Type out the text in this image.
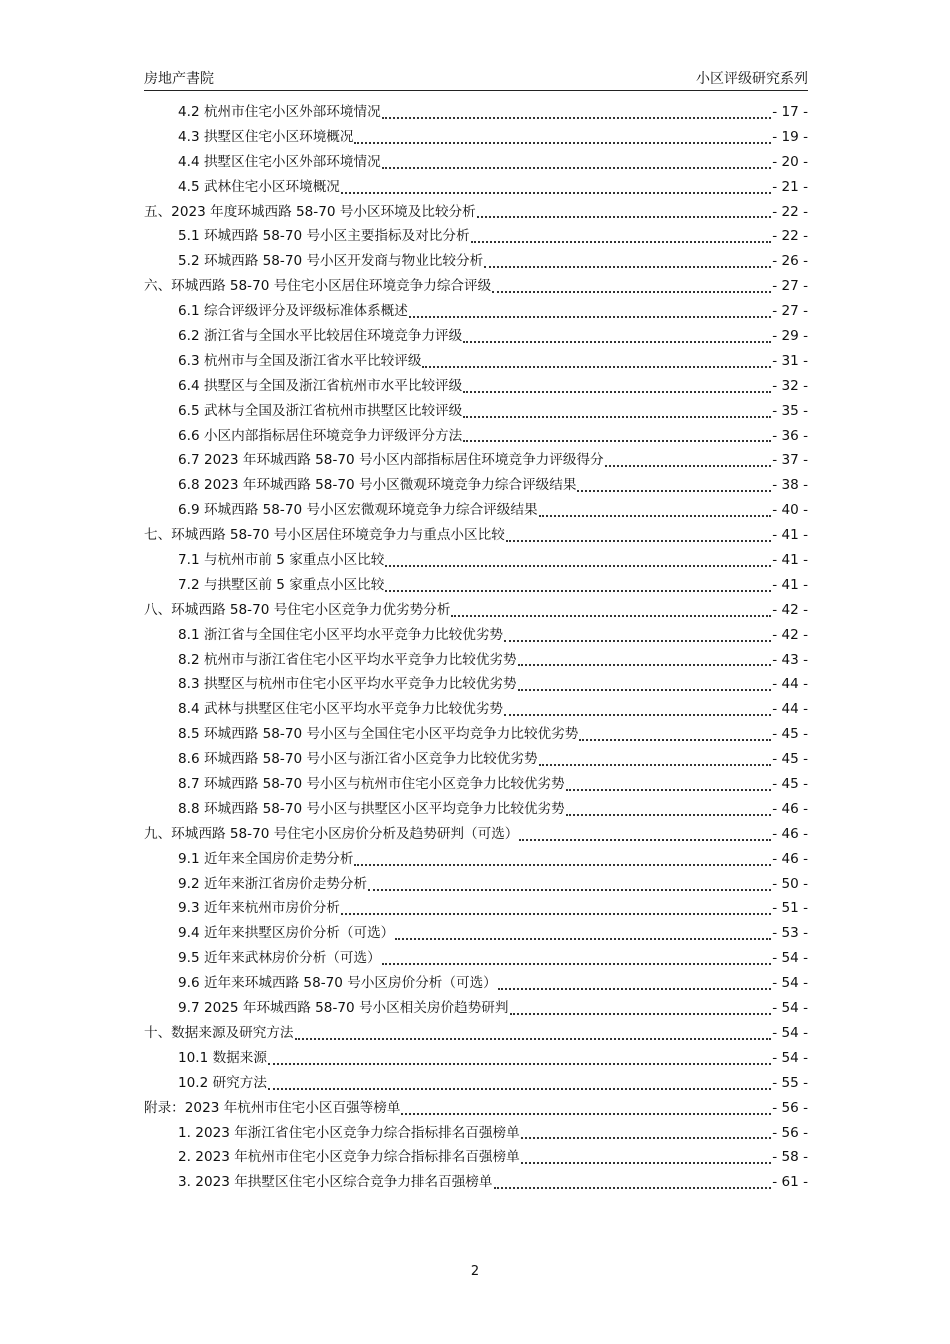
房地产書院	小区评级研究系列
4.2 杭州市住宅小区外部环境情况	- 17 -
4.3 拱墅区住宅小区环境概况	- 19 -
4.4 拱墅区住宅小区外部环境情况	- 20 -
4.5 武林住宅小区环境概况	- 21 -
五、2023 年度环城西路 58-70 号小区环境及比较分析	- 22 -
5.1 环城西路 58-70 号小区主要指标及对比分析	- 22 -
5.2 环城西路 58-70 号小区开发商与物业比较分析	- 26 -
六、环城西路 58-70 号住宅小区居住环境竞争力综合评级	- 27 -
6.1 综合评级评分及评级标准体系概述	- 27 -
6.2 浙江省与全国水平比较居住环境竞争力评级	- 29 -
6.3 杭州市与全国及浙江省水平比较评级	- 31 -
6.4 拱墅区与全国及浙江省杭州市水平比较评级	- 32 -
6.5 武林与全国及浙江省杭州市拱墅区比较评级	- 35 -
6.6 小区内部指标居住环境竞争力评级评分方法	- 36 -
6.7 2023 年环城西路 58-70 号小区内部指标居住环境竞争力评级得分	- 37 -
6.8 2023 年环城西路 58-70 号小区微观环境竞争力综合评级结果	- 38 -
6.9 环城西路 58-70 号小区宏微观环境竞争力综合评级结果	- 40 -
七、环城西路 58-70 号小区居住环境竞争力与重点小区比较	- 41 -
7.1 与杭州市前 5 家重点小区比较	- 41 -
7.2 与拱墅区前 5 家重点小区比较	- 41 -
八、环城西路 58-70 号住宅小区竞争力优劣势分析	- 42 -
8.1 浙江省与全国住宅小区平均水平竞争力比较优劣势	- 42 -
8.2 杭州市与浙江省住宅小区平均水平竞争力比较优劣势	- 43 -
8.3 拱墅区与杭州市住宅小区平均水平竞争力比较优劣势	- 44 -
8.4 武林与拱墅区住宅小区平均水平竞争力比较优劣势	- 44 -
8.5 环城西路 58-70 号小区与全国住宅小区平均竞争力比较优劣势	- 45 -
8.6 环城西路 58-70 号小区与浙江省小区竞争力比较优劣势	- 45 -
8.7 环城西路 58-70 号小区与杭州市住宅小区竞争力比较优劣势	- 45 -
8.8 环城西路 58-70 号小区与拱墅区小区平均竞争力比较优劣势	- 46 -
九、环城西路 58-70 号住宅小区房价分析及趋势研判（可选）	- 46 -
9.1 近年来全国房价走势分析	- 46 -
9.2 近年来浙江省房价走势分析	- 50 -
9.3 近年来杭州市房价分析	- 51 -
9.4 近年来拱墅区房价分析（可选）	- 53 -
9.5 近年来武林房价分析（可选）	- 54 -
9.6 近年来环城西路 58-70 号小区房价分析（可选）	- 54 -
9.7 2025 年环城西路 58-70 号小区相关房价趋势研判	- 54 -
十、数据来源及研究方法	- 54 -
10.1 数据来源	- 54 -
10.2 研究方法	- 55 -
附录：2023 年杭州市住宅小区百强等榜单	- 56 -
1. 2023 年浙江省住宅小区竞争力综合指标排名百强榜单	- 56 -
2. 2023 年杭州市住宅小区竞争力综合指标排名百强榜单	- 58 -
3. 2023 年拱墅区住宅小区综合竞争力排名百强榜单	- 61 -
2
